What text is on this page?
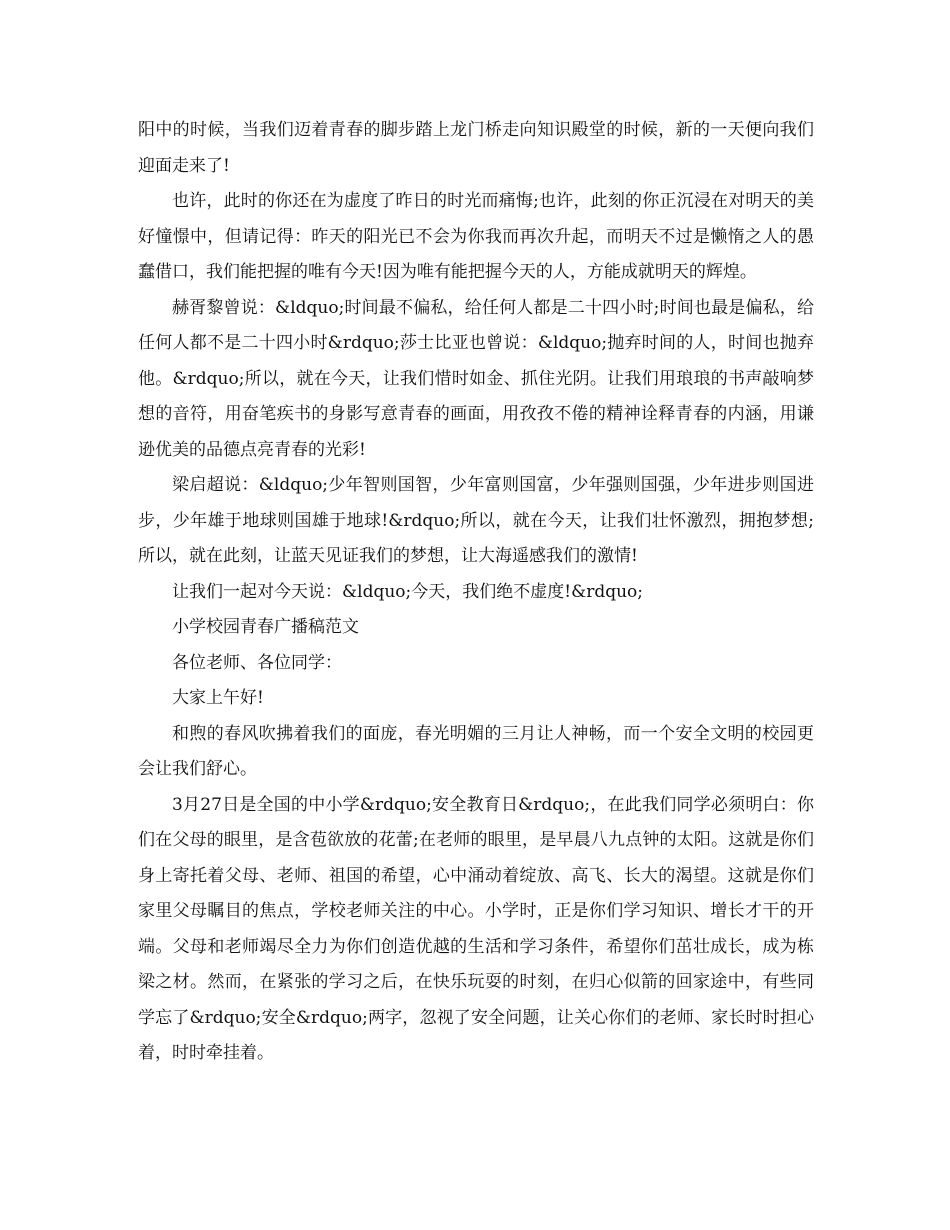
阳中的时候，当我们迈着青春的脚步踏上龙门桥走向知识殿堂的时候，新的一天便向我们迎面走来了!

也许，此时的你还在为虚度了昨日的时光而痛悔;也许，此刻的你正沉浸在对明天的美好憧憬中，但请记得：昨天的阳光已不会为你我而再次升起，而明天不过是懒惰之人的愚蠢借口，我们能把握的唯有今天!因为唯有能把握今天的人，方能成就明天的辉煌。

赫胥黎曾说：&ldquo;时间最不偏私，给任何人都是二十四小时;时间也最是偏私，给任何人都不是二十四小时&rdquo;莎士比亚也曾说：&ldquo;抛弃时间的人，时间也抛弃他。&rdquo;所以，就在今天，让我们惜时如金、抓住光阴。让我们用琅琅的书声敲响梦想的音符，用奋笔疾书的身影写意青春的画面，用孜孜不倦的精神诠释青春的内涵，用谦逊优美的品德点亮青春的光彩!

梁启超说：&ldquo;少年智则国智，少年富则国富，少年强则国强，少年进步则国进步，少年雄于地球则国雄于地球!&rdquo;所以，就在今天，让我们壮怀激烈，拥抱梦想;所以，就在此刻，让蓝天见证我们的梦想，让大海遥感我们的激情!

让我们一起对今天说：&ldquo;今天，我们绝不虚度!&rdquo;

小学校园青春广播稿范文

各位老师、各位同学：

大家上午好!

和煦的春风吹拂着我们的面庞，春光明媚的三月让人神畅，而一个安全文明的校园更会让我们舒心。

3月27日是全国的中小学&rdquo;安全教育日&rdquo;，在此我们同学必须明白：你们在父母的眼里，是含苞欲放的花蕾;在老师的眼里，是早晨八九点钟的太阳。这就是你们身上寄托着父母、老师、祖国的希望，心中涌动着绽放、高飞、长大的渴望。这就是你们家里父母瞩目的焦点，学校老师关注的中心。小学时，正是你们学习知识、增长才干的开端。父母和老师竭尽全力为你们创造优越的生活和学习条件，希望你们茁壮成长，成为栋梁之材。然而，在紧张的学习之后，在快乐玩耍的时刻，在归心似箭的回家途中，有些同学忘了&rdquo;安全&rdquo;两字，忽视了安全问题，让关心你们的老师、家长时时担心着，时时牵挂着。
